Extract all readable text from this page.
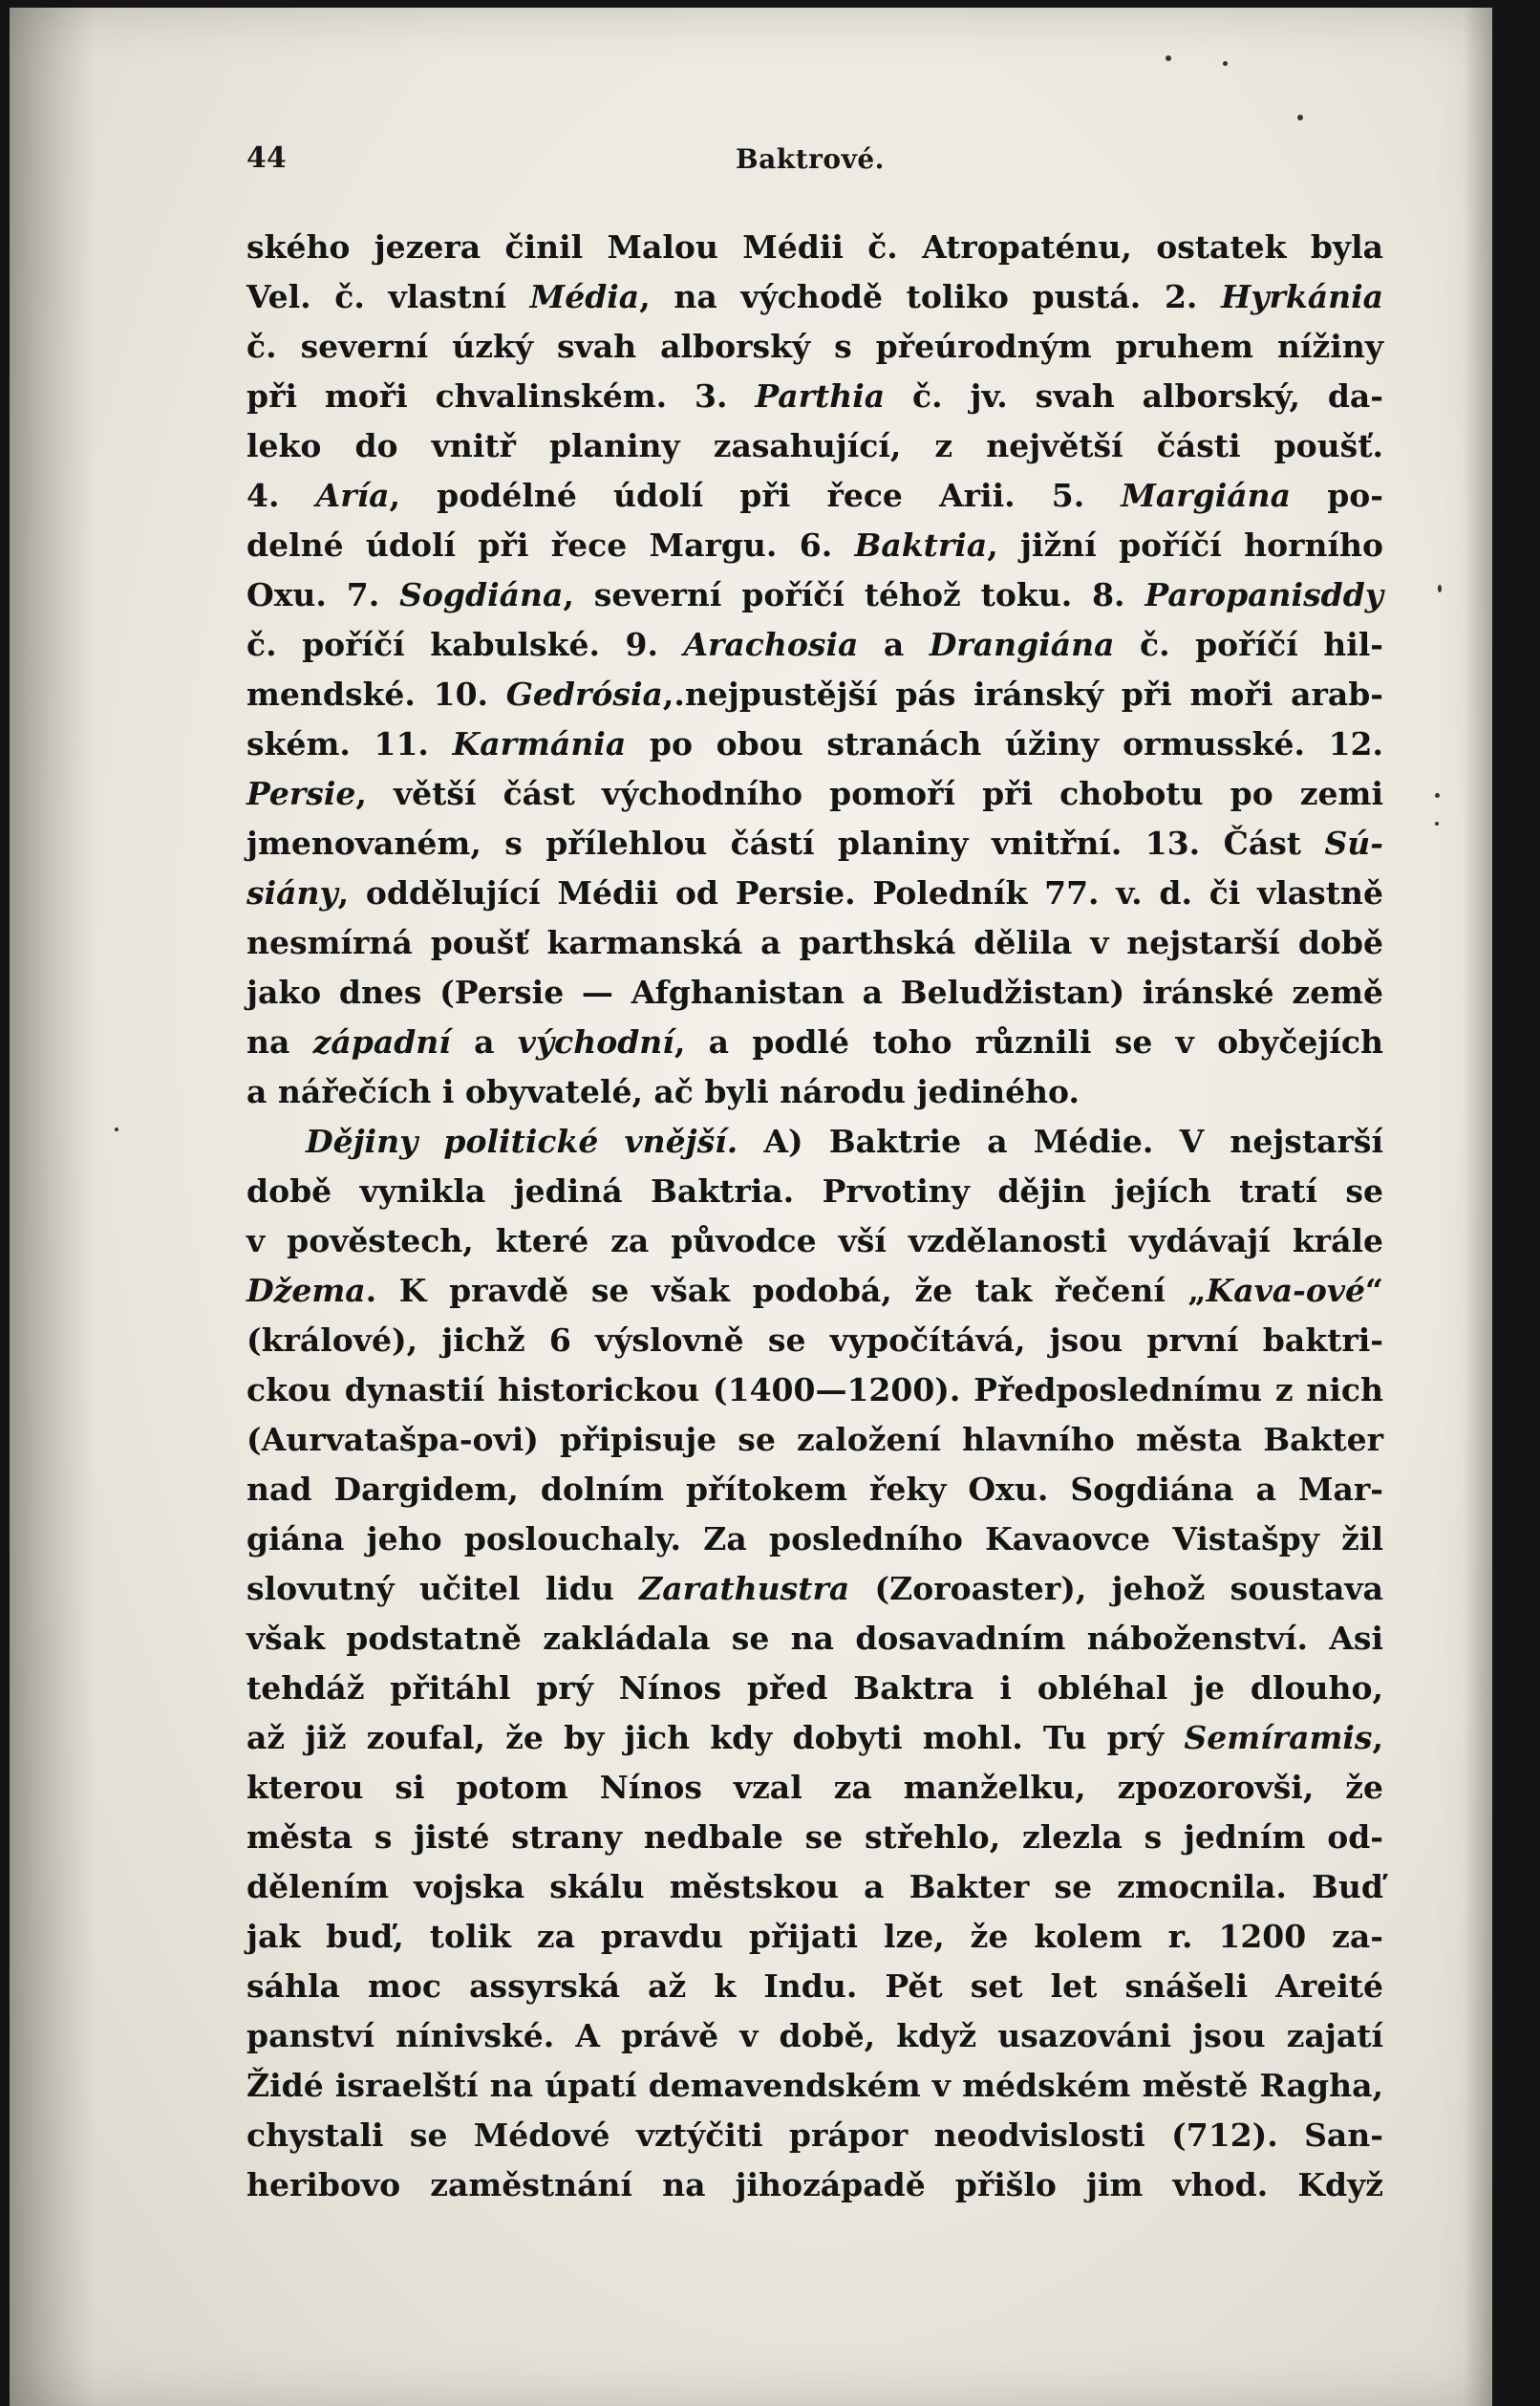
44	Baktrové.
ského jezera činil Malou Médii č. Atropaténu, ostatek byla
Vel. č. vlastní Média, na východě toliko pustá. 2. Hyrkánia
č. severní úzký svah alborský s přeúrodným pruhem nížiny
při moři chvalinském. 3. Parthia č. jv. svah alborský, da-
leko do vnitř planiny zasahující, z největší části poušť.
4. Aría, podélné údolí při řece Arii. 5. Margiána po-
delné údolí při řece Margu. 6. Baktria, jižní poříčí horního
Oxu. 7. Sogdiána, severní poříčí téhož toku. 8. Paropanisddy
č. poříčí kabulské. 9. Arachosia a Drangiána č. poříčí hil-
mendské. 10. Gedrósia,.nejpustější pás iránský při moři arab-
ském. 11. Karmánia po obou stranách úžiny ormusské. 12.
Persie, větší část východního pomoří při chobotu po zemi
jmenovaném, s přílehlou částí planiny vnitřní. 13. Část Sú-
siány, oddělující Médii od Persie. Poledník 77. v. d. či vlastně
nesmírná poušť karmanská a parthská dělila v nejstarší době
jako dnes (Persie — Afghanistan a Beludžistan) iránské země
na západní a východní, a podlé toho různili se v obyčejích
a nářečích i obyvatelé, ač byli národu jediného.
Dějiny politické vnější. A) Baktrie a Médie. V nejstarší
době vynikla jediná Baktria. Prvotiny dějin jejích tratí se
v pověstech, které za původce vší vzdělanosti vydávají krále
Džema. K pravdě se však podobá, že tak řečení „Kava-ové“
(králové), jichž 6 výslovně se vypočítává, jsou první baktri-
ckou dynastií historickou (1400—1200). Předposlednímu z nich
(Aurvatašpa-ovi) připisuje se založení hlavního města Bakter
nad Dargidem, dolním přítokem řeky Oxu. Sogdiána a Mar-
giána jeho poslouchaly. Za posledního Kavaovce Vistašpy žil
slovutný učitel lidu Zarathustra (Zoroaster), jehož soustava
však podstatně zakládala se na dosavadním náboženství. Asi
tehdáž přitáhl prý Nínos před Baktra i obléhal je dlouho,
až již zoufal, že by jich kdy dobyti mohl. Tu prý Semíramis,
kterou si potom Nínos vzal za manželku, zpozorovši, že
města s jisté strany nedbale se střehlo, zlezla s jedním od-
dělením vojska skálu městskou a Bakter se zmocnila. Buď
jak buď, tolik za pravdu přijati lze, že kolem r. 1200 za-
sáhla moc assyrská až k Indu. Pět set let snášeli Areité
panství nínivské. A právě v době, když usazováni jsou zajatí
Židé israelští na úpatí demavendském v médském městě Ragha,
chystali se Médové vztýčiti prápor neodvislosti (712). San-
heribovo zaměstnání na jihozápadě přišlo jim vhod. Když
